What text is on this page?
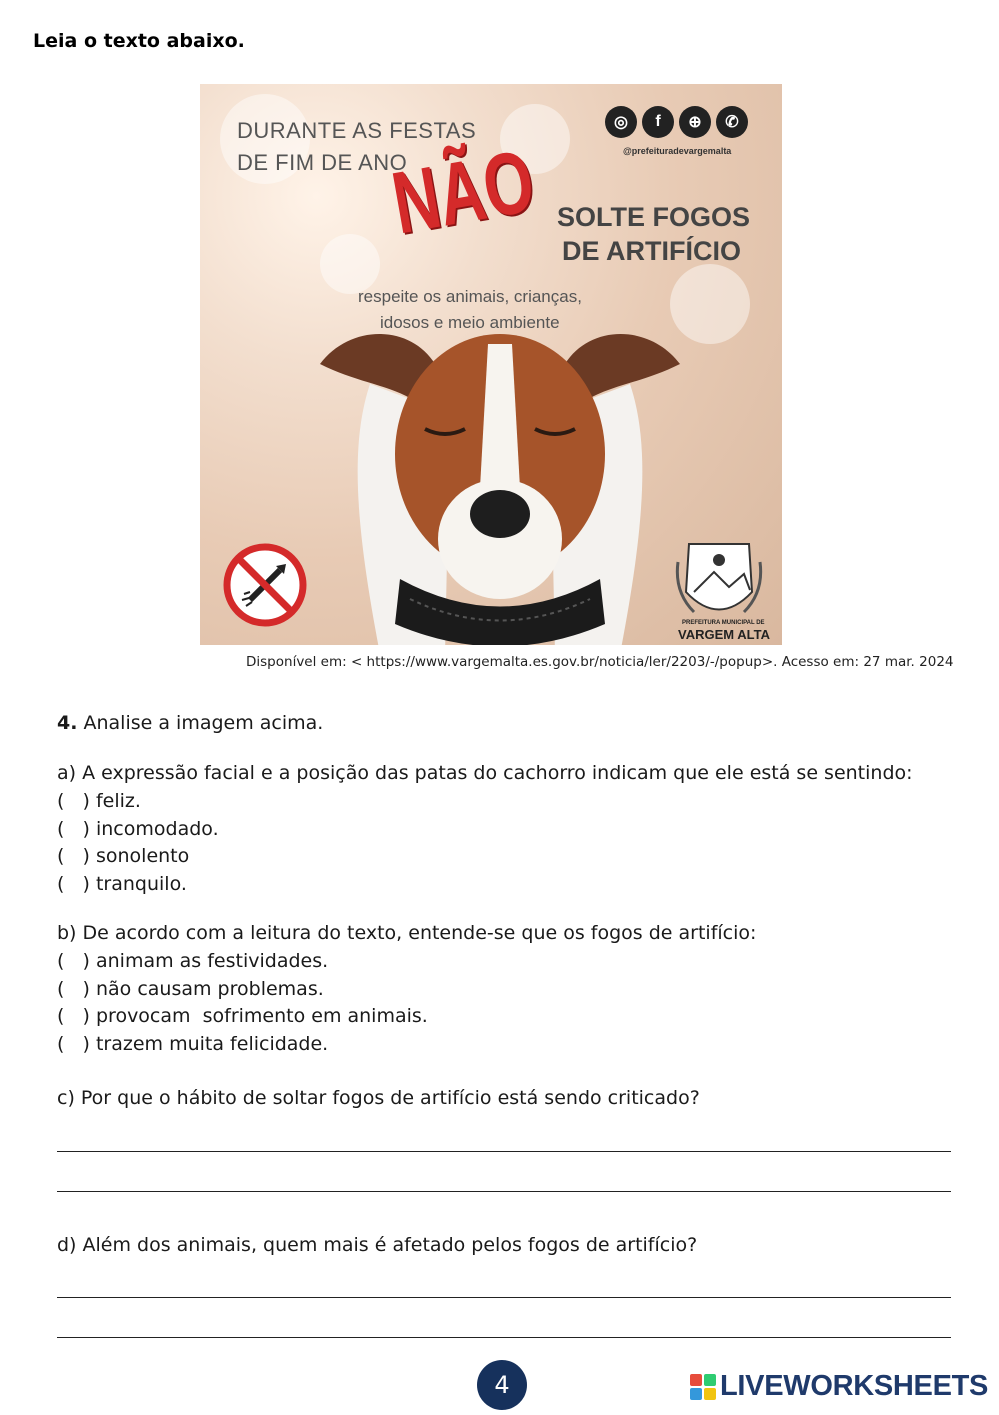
Leia o texto abaixo.
DURANTE AS FESTAS
DE FIM DE ANO
NÃO SOLTE FOGOS
DE ARTIFÍCIO
respeite os animais, crianças,
idosos e meio ambiente
◎	f	⊕	✆
@prefeituradevargemalta
PREFEITURA MUNICIPAL DE
VARGEM ALTA
Disponível em: < https://www.vargemalta.es.gov.br/noticia/ler/2203/-/popup>. Acesso em: 27 mar. 2024
4. Analise a imagem acima.
a) A expressão facial e a posição das patas do cachorro indicam que ele está se sentindo:
(   ) feliz.
(   ) incomodado.
(   ) sonolento
(   ) tranquilo.
b) De acordo com a leitura do texto, entende-se que os fogos de artifício:
(   ) animam as festividades.
(   ) não causam problemas.
(   ) provocam  sofrimento em animais.
(   ) trazem muita felicidade.
c) Por que o hábito de soltar fogos de artifício está sendo criticado?
d) Além dos animais, quem mais é afetado pelos fogos de artifício?
4	LIVEWORKSHEETS
